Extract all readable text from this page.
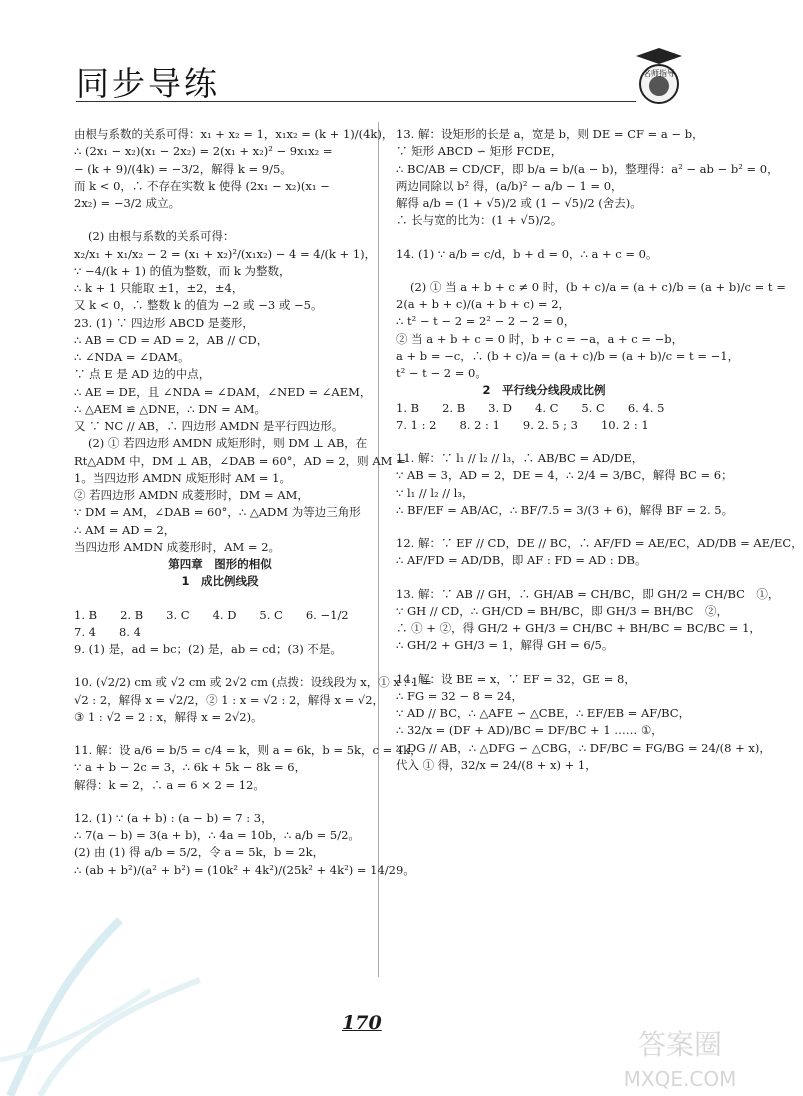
同步导练	名师指导
由根与系数的关系可得：x₁ + x₂ = 1，x₁x₂ = (k + 1)/(4k)，
∴ (2x₁ − x₂)(x₁ − 2x₂) = 2(x₁ + x₂)² − 9x₁x₂ =
− (k + 9)/(4k) = −3/2，解得 k = 9/5。
而 k < 0，∴ 不存在实数 k 使得 (2x₁ − x₂)(x₁ −
2x₂) = −3/2 成立。
(2) 由根与系数的关系可得：
x₂/x₁ + x₁/x₂ − 2 = (x₁ + x₂)²/(x₁x₂) − 4 = 4/(k + 1)，
∵ −4/(k + 1) 的值为整数，而 k 为整数，
∴ k + 1 只能取 ±1，±2，±4，
又 k < 0，∴ 整数 k 的值为 −2 或 −3 或 −5。
23. (1) ∵ 四边形 ABCD 是菱形，
∴ AB = CD = AD = 2，AB // CD，
∴ ∠NDA = ∠DAM。
∵ 点 E 是 AD 边的中点，
∴ AE = DE，且 ∠NDA = ∠DAM，∠NED = ∠AEM，
∴ △AEM ≌ △DNE，∴ DN = AM。
又 ∵ NC // AB，∴ 四边形 AMDN 是平行四边形。
(2) ① 若四边形 AMDN 成矩形时，则 DM ⊥ AB，在
Rt△ADM 中，DM ⊥ AB，∠DAB = 60°，AD = 2，则 AM =
1。当四边形 AMDN 成矩形时 AM = 1。
② 若四边形 AMDN 成菱形时，DM = AM，
∵ DM = AM，∠DAB = 60°，∴ △ADM 为等边三角形
∴ AM = AD = 2，
当四边形 AMDN 成菱形时，AM = 2。
第四章　图形的相似
1　成比例线段
1. B　　2. B　　3. C　　4. D　　5. C　　6. −1/2
7. 4　　8. 4
9. (1) 是，ad = bc；(2) 是，ab = cd；(3) 不是。
10. (√2/2) cm 或 √2 cm 或 2√2 cm (点拨：设线段为 x，① x : 1 =
√2 : 2，解得 x = √2/2，② 1 : x = √2 : 2，解得 x = √2，
③ 1 : √2 = 2 : x，解得 x = 2√2)。
11. 解：设 a/6 = b/5 = c/4 = k，则 a = 6k，b = 5k，c = 4k，
∵ a + b − 2c = 3，∴ 6k + 5k − 8k = 6，
解得：k = 2，∴ a = 6 × 2 = 12。
12. (1) ∵ (a + b) : (a − b) = 7 : 3，
∴ 7(a − b) = 3(a + b)，∴ 4a = 10b，∴ a/b = 5/2。
(2) 由 (1) 得 a/b = 5/2，令 a = 5k，b = 2k，
∴ (ab + b²)/(a² + b²) = (10k² + 4k²)/(25k² + 4k²) = 14/29。
13. 解：设矩形的长是 a，宽是 b，则 DE = CF = a − b，
∵ 矩形 ABCD ∽ 矩形 FCDE，
∴ BC/AB = CD/CF，即 b/a = b/(a − b)，整理得：a² − ab − b² = 0，
两边同除以 b² 得，(a/b)² − a/b − 1 = 0，
解得 a/b = (1 + √5)/2 或 (1 − √5)/2 (舍去)。
∴ 长与宽的比为：(1 + √5)/2。
14. (1) ∵ a/b = c/d，b + d = 0，∴ a + c = 0。
(2) ① 当 a + b + c ≠ 0 时，(b + c)/a = (a + c)/b = (a + b)/c = t =
2(a + b + c)/(a + b + c) = 2，
∴ t² − t − 2 = 2² − 2 − 2 = 0，
② 当 a + b + c = 0 时，b + c = −a，a + c = −b，
a + b = −c，∴ (b + c)/a = (a + c)/b = (a + b)/c = t = −1，
t² − t − 2 = 0。
2　平行线分线段成比例
1. B　　2. B　　3. D　　4. C　　5. C　　6. 4. 5
7. 1 : 2　　8. 2 : 1　　9. 2. 5 ; 3　　10. 2 : 1
11. 解：∵ l₁ // l₂ // l₃，∴ AB/BC = AD/DE，
∵ AB = 3，AD = 2，DE = 4，∴ 2/4 = 3/BC，解得 BC = 6；
∵ l₁ // l₂ // l₃，
∴ BF/EF = AB/AC，∴ BF/7.5 = 3/(3 + 6)，解得 BF = 2. 5。
12. 解：∵ EF // CD，DE // BC，∴ AF/FD = AE/EC，AD/DB = AE/EC，
∴ AF/FD = AD/DB，即 AF : FD = AD : DB。
13. 解：∵ AB // GH，∴ GH/AB = CH/BC，即 GH/2 = CH/BC　①，
∵ GH // CD，∴ GH/CD = BH/BC，即 GH/3 = BH/BC　②，
∴ ① + ②，得 GH/2 + GH/3 = CH/BC + BH/BC = BC/BC = 1，
∴ GH/2 + GH/3 = 1，解得 GH = 6/5。
14. 解：设 BE = x，∵ EF = 32，GE = 8，
∴ FG = 32 − 8 = 24，
∵ AD // BC，∴ △AFE ∽ △CBE，∴ EF/EB = AF/BC，
∴ 32/x = (DF + AD)/BC = DF/BC + 1 …… ①，
∵ DG // AB，∴ △DFG ∽ △CBG，∴ DF/BC = FG/BG = 24/(8 + x)，
代入 ① 得，32/x = 24/(8 + x) + 1，
170
答案圈
MXQE.COM
